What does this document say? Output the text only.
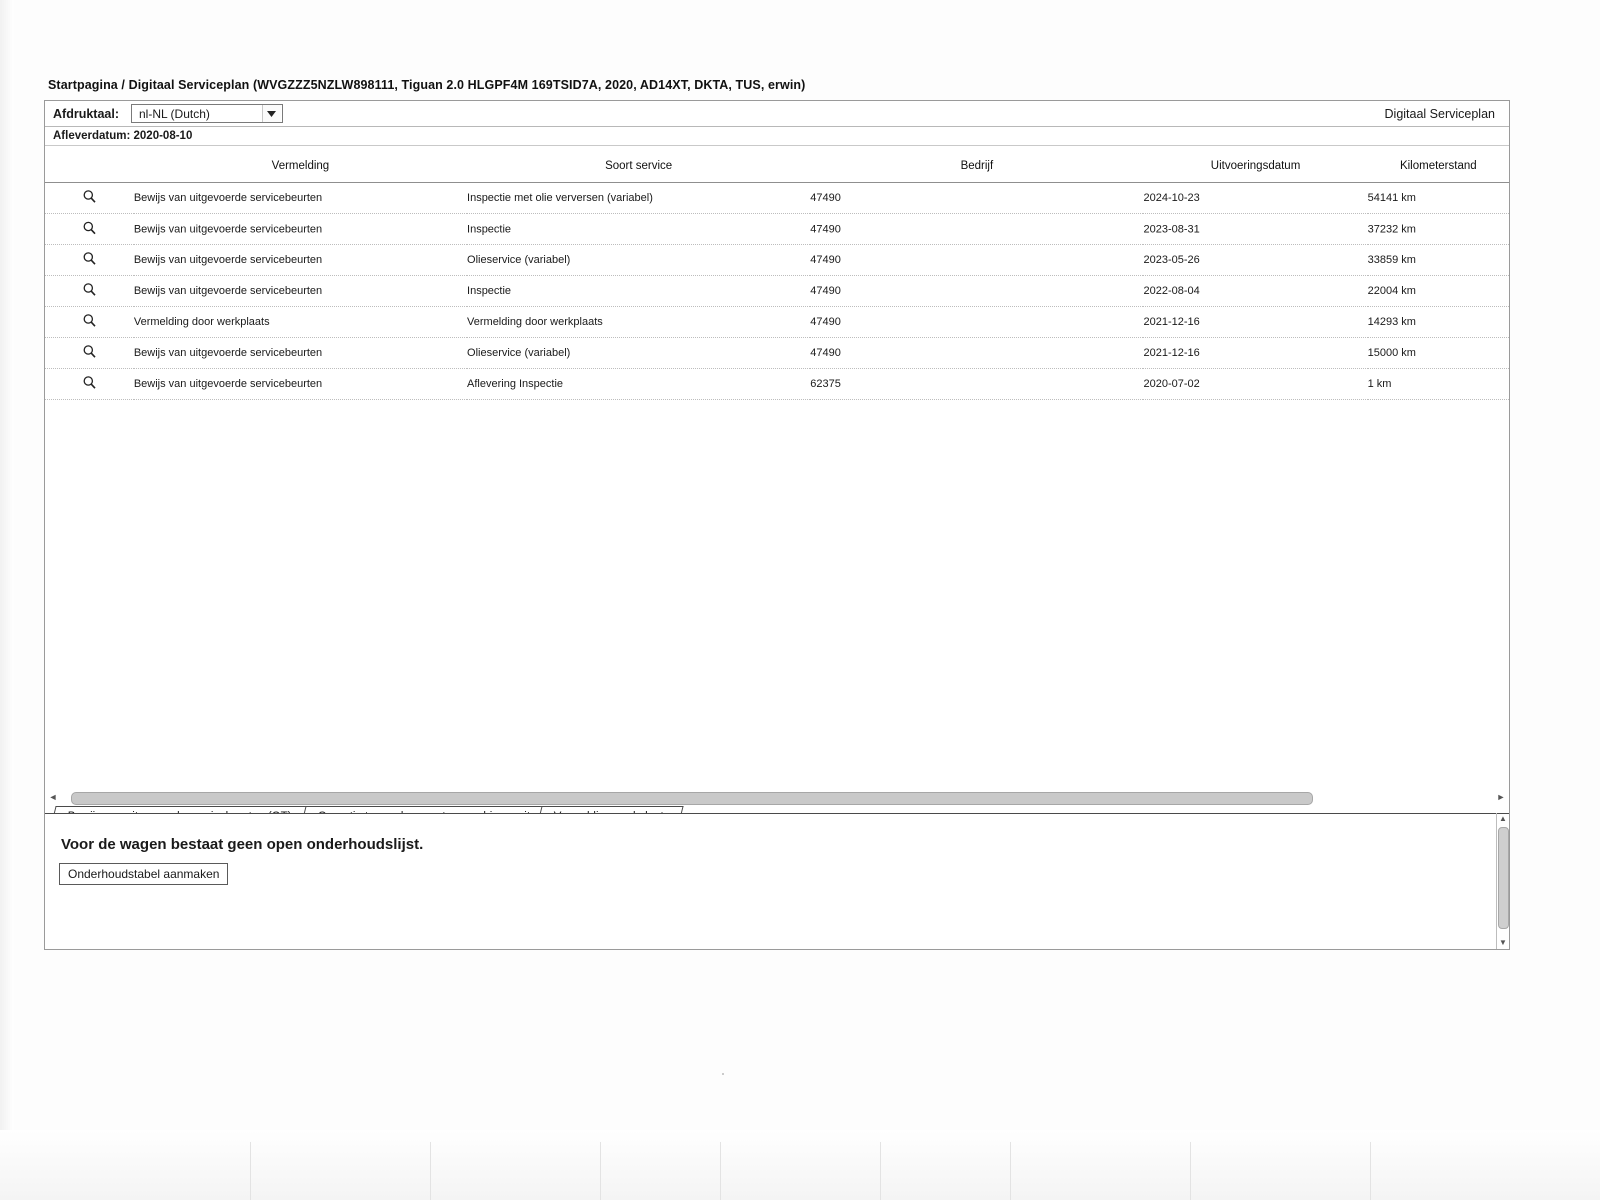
Startpagina / Digitaal Serviceplan (WVGZZZ5NZLW898111, Tiguan 2.0 HLGPF4M 169TSID7A, 2020, AD14XT, DKTA, TUS, erwin)
Afdruktaal: nl-NL (Dutch)	Digitaal Serviceplan
Afleverdatum: 2020-08-10
	Vermelding	Soort service	Bedrijf	Uitvoeringsdatum	Kilometerstand
	Bewijs van uitgevoerde servicebeurten	Inspectie met olie verversen (variabel)	47490	2024-10-23	54141 km
	Bewijs van uitgevoerde servicebeurten	Inspectie	47490	2023-08-31	37232 km
	Bewijs van uitgevoerde servicebeurten	Olieservice (variabel)	47490	2023-05-26	33859 km
	Bewijs van uitgevoerde servicebeurten	Inspectie	47490	2022-08-04	22004 km
	Vermelding door werkplaats	Vermelding door werkplaats	47490	2021-12-16	14293 km
	Bewijs van uitgevoerde servicebeurten	Olieservice (variabel)	47490	2021-12-16	15000 km
	Bewijs van uitgevoerde servicebeurten	Aflevering Inspectie	62375	2020-07-02	1 km
◄	►
Voor de wagen bestaat geen open onderhoudslijst.
Onderhoudstabel aanmaken
▲
▼
